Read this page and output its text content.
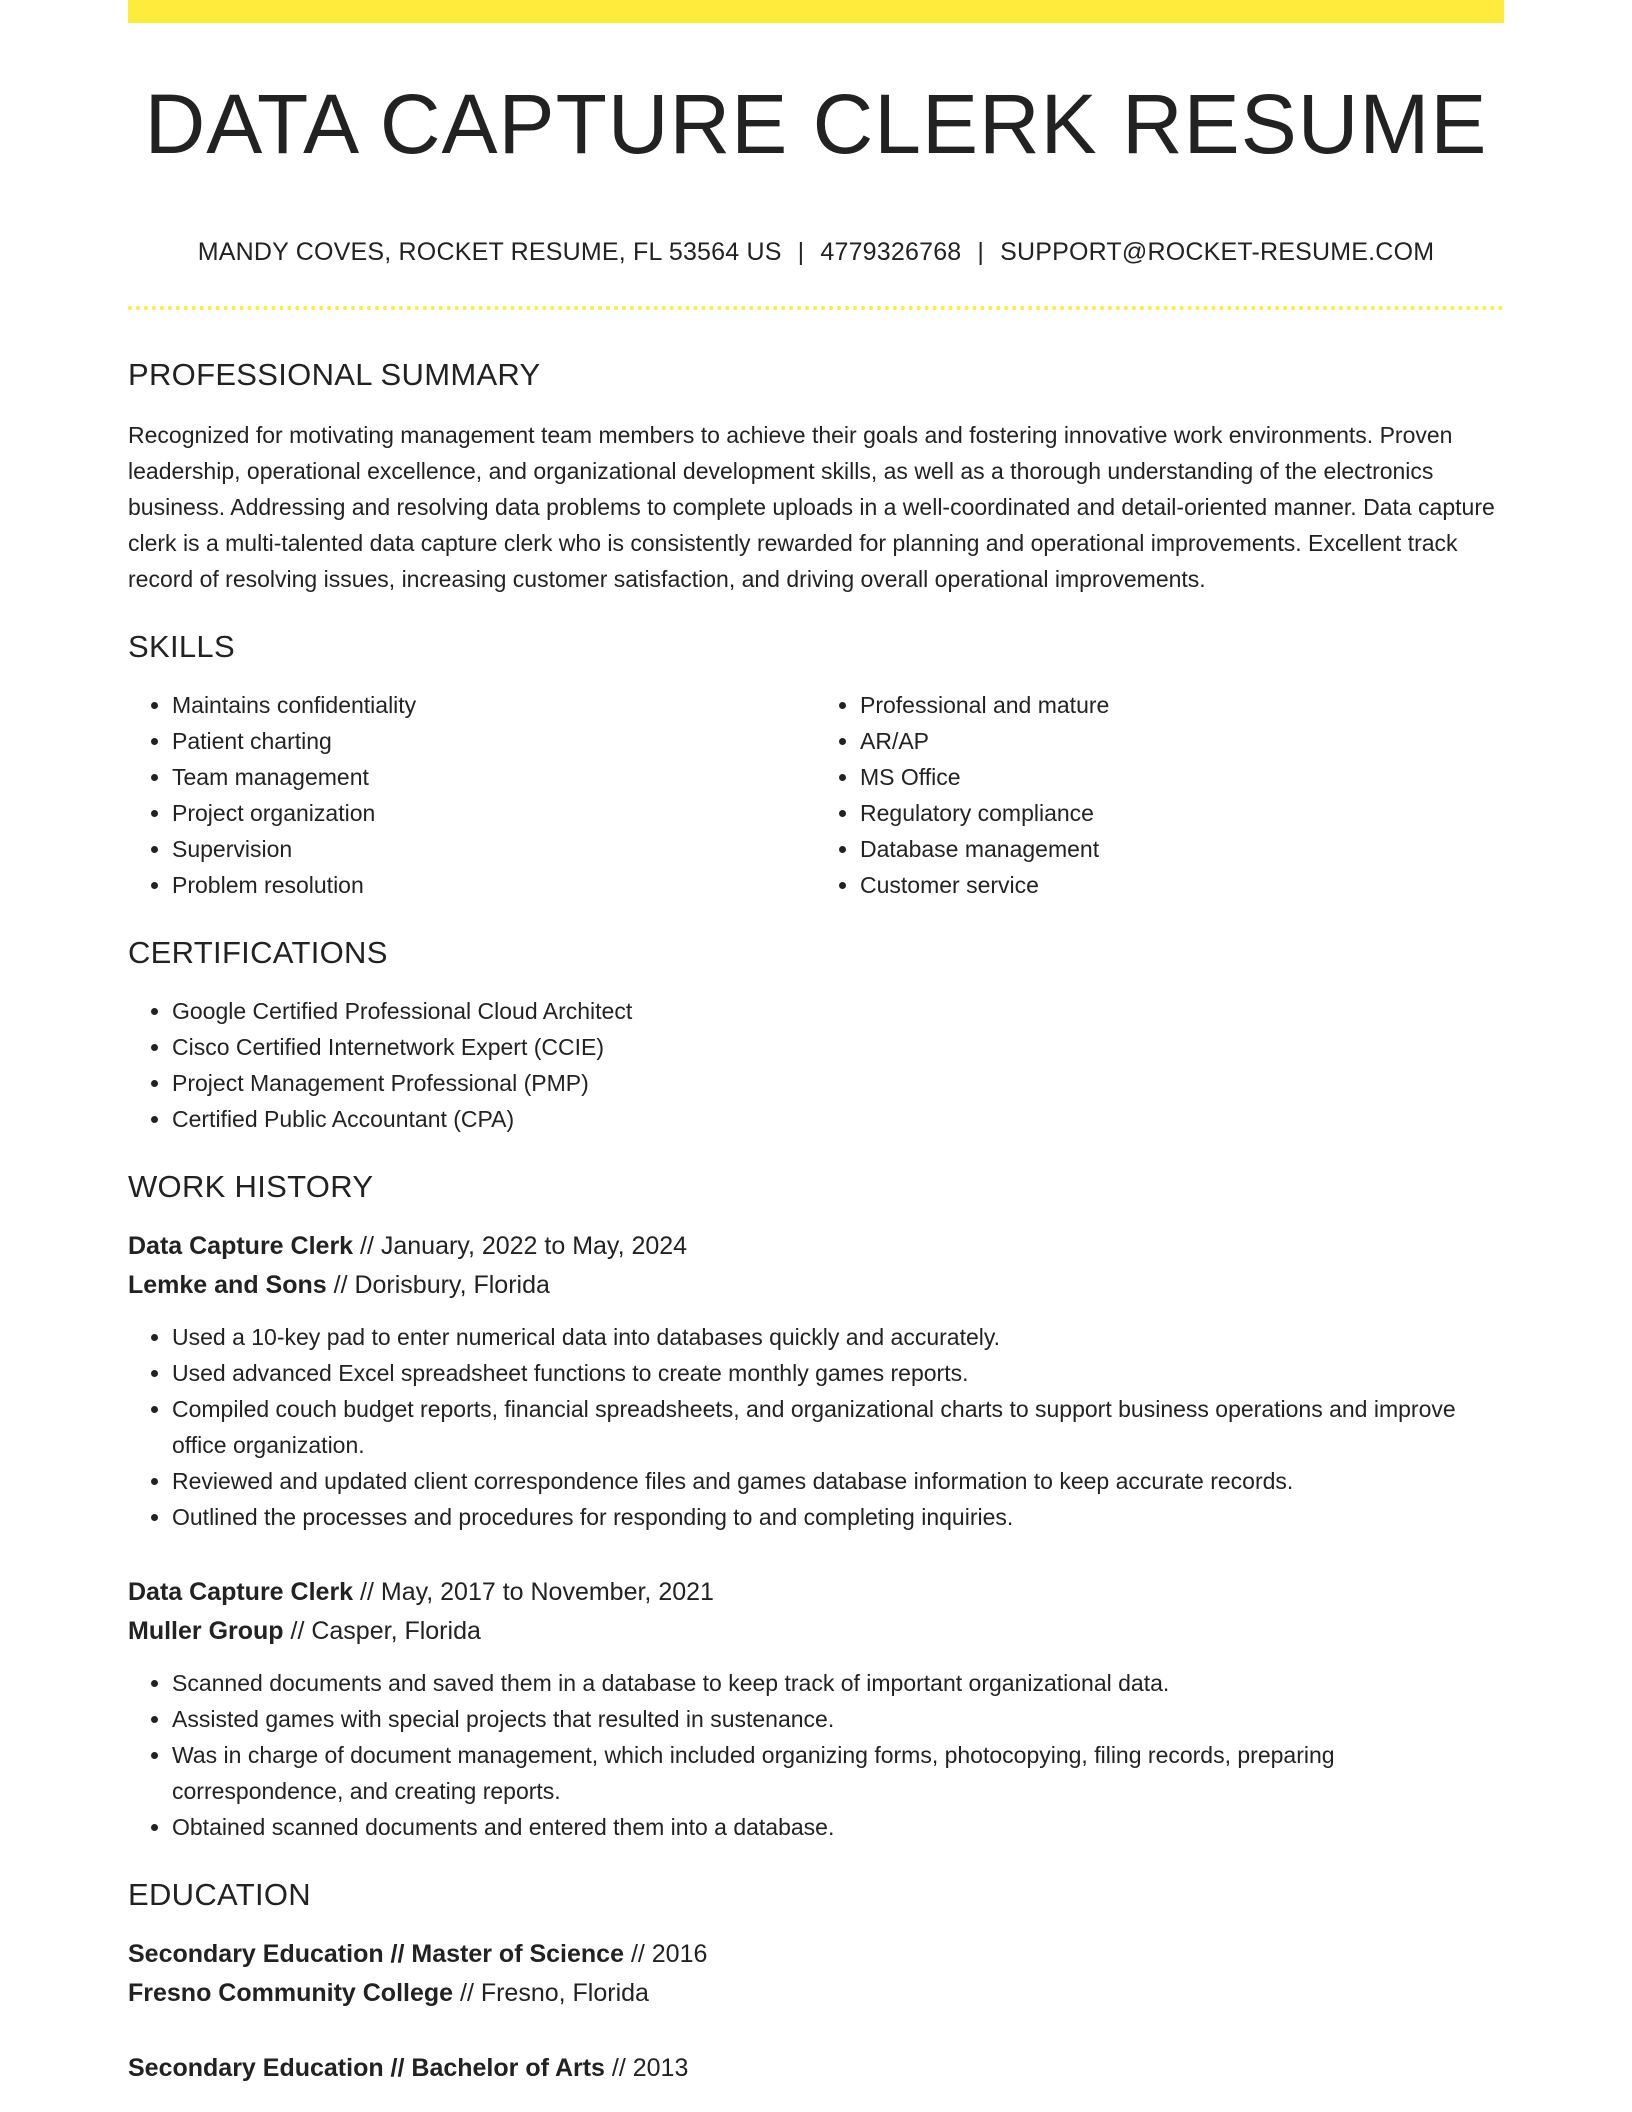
DATA CAPTURE CLERK RESUME
MANDY COVES, ROCKET RESUME, FL 53564 US | 4779326768 | SUPPORT@ROCKET-RESUME.COM
PROFESSIONAL SUMMARY

Recognized for motivating management team members to achieve their goals and fostering innovative work environments. Proven leadership, operational excellence, and organizational development skills, as well as a thorough understanding of the electronics business. Addressing and resolving data problems to complete uploads in a well-coordinated and detail-oriented manner. Data capture clerk is a multi-talented data capture clerk who is consistently rewarded for planning and operational improvements. Excellent track record of resolving issues, increasing customer satisfaction, and driving overall operational improvements.

SKILLS
• Maintains confidentiality
• Patient charting
• Team management
• Project organization
• Supervision
• Problem resolution
• Professional and mature
• AR/AP
• MS Office
• Regulatory compliance
• Database management
• Customer service
CERTIFICATIONS
• Google Certified Professional Cloud Architect
• Cisco Certified Internetwork Expert (CCIE)
• Project Management Professional (PMP)
• Certified Public Accountant (CPA)
WORK HISTORY
Data Capture Clerk // January, 2022 to May, 2024
Lemke and Sons // Dorisbury, Florida
• Used a 10-key pad to enter numerical data into databases quickly and accurately.
• Used advanced Excel spreadsheet functions to create monthly games reports.
• Compiled couch budget reports, financial spreadsheets, and organizational charts to support business operations and improve office organization.
• Reviewed and updated client correspondence files and games database information to keep accurate records.
• Outlined the processes and procedures for responding to and completing inquiries.
Data Capture Clerk // May, 2017 to November, 2021
Muller Group // Casper, Florida
• Scanned documents and saved them in a database to keep track of important organizational data.
• Assisted games with special projects that resulted in sustenance.
• Was in charge of document management, which included organizing forms, photocopying, filing records, preparing correspondence, and creating reports.
• Obtained scanned documents and entered them into a database.
EDUCATION
Secondary Education // Master of Science // 2016
Fresno Community College // Fresno, Florida
Secondary Education // Bachelor of Arts // 2013
